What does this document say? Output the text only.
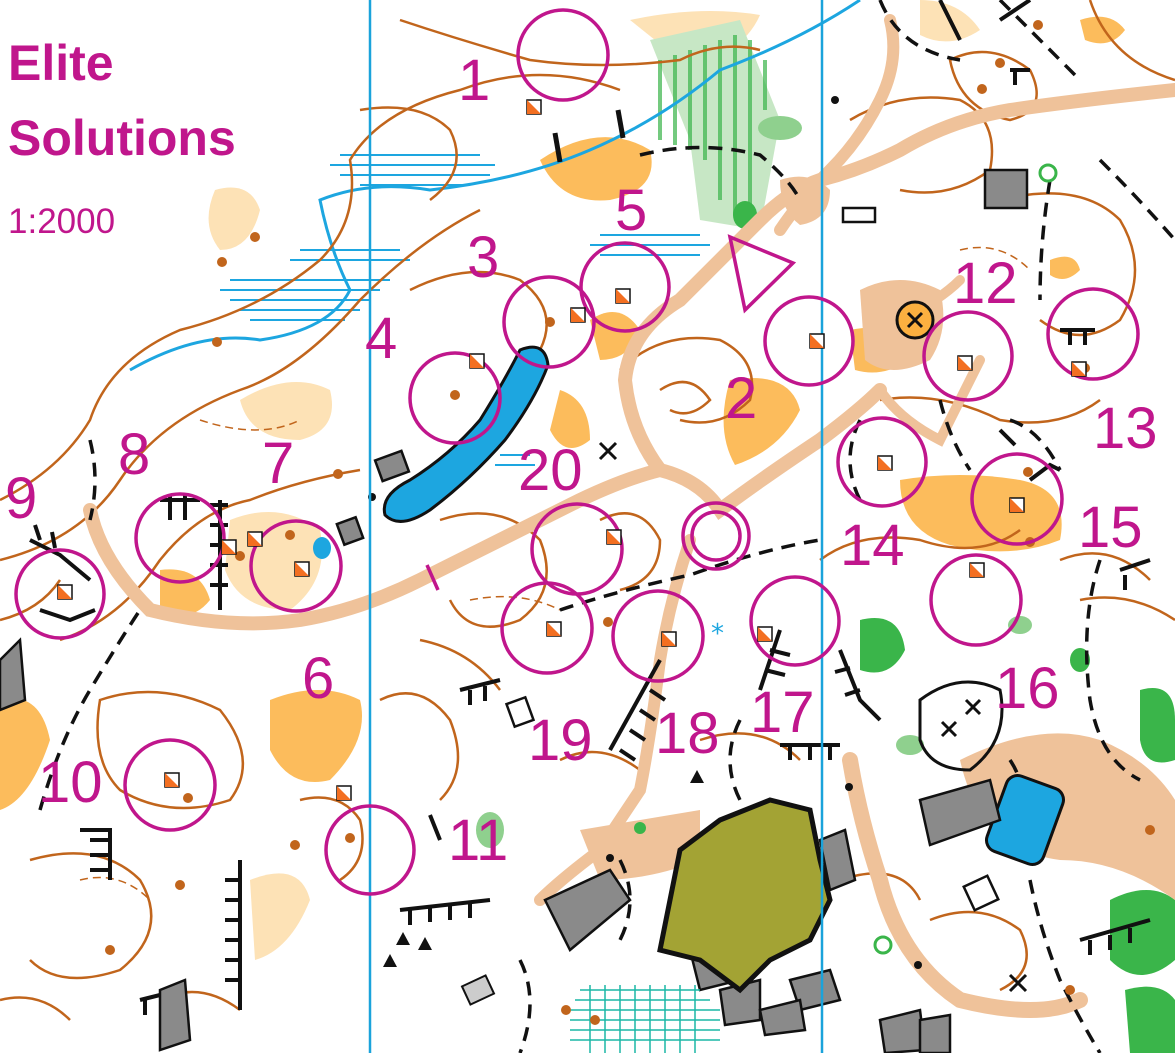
*
1
2
3
4
5
6
7
8
9
10
11
12
13
14	15
16
17
18
19
20
Elite
Solutions
1:2000
